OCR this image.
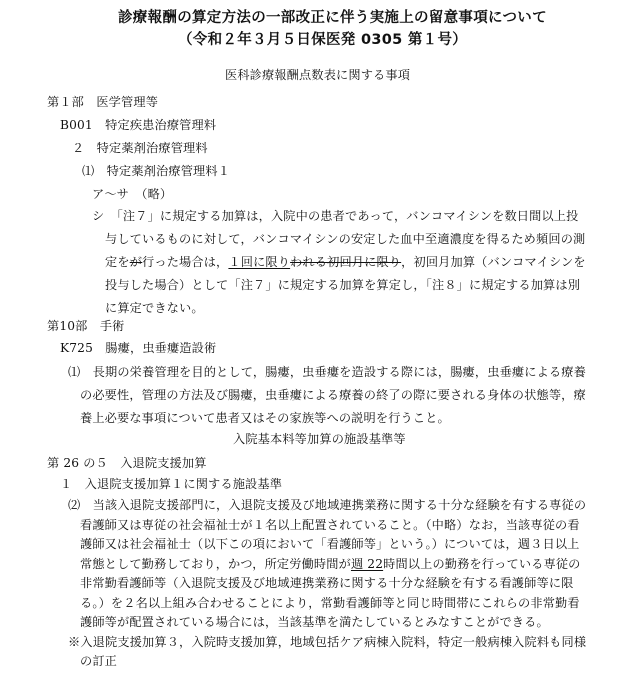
診療報酬の算定方法の一部改正に伴う実施上の留意事項について
（令和２年３月５日保医発 0305 第１号）
医科診療報酬点数表に関する事項
第１部　医学管理等
B001　特定疾患治療管理料
２　特定薬剤治療管理料
⑴　特定薬剤治療管理料１
ア～サ　（略）
シ　「注７」に規定する加算は，入院中の患者であって，バンコマイシンを数日間以上投
与しているものに対して，バンコマイシンの安定した血中至適濃度を得るため頻回の測
定をが行った場合は，１回に限りわれる初回月に限り，初回月加算（バンコマイシンを
投与した場合）として「注７」に規定する加算を算定し，「注８」に規定する加算は別
に算定できない。
第10部　手術
K725　腸瘻，虫垂瘻造設術
⑴　長期の栄養管理を目的として，腸瘻，虫垂瘻を造設する際には，腸瘻，虫垂瘻による療養
の必要性，管理の方法及び腸瘻，虫垂瘻による療養の終了の際に要される身体の状態等，療
養上必要な事項について患者又はその家族等への説明を行うこと。
入院基本料等加算の施設基準等
第 26 の５　入退院支援加算
１　入退院支援加算１に関する施設基準
⑵　当該入退院支援部門に，入退院支援及び地域連携業務に関する十分な経験を有する専従の
看護師又は専従の社会福祉士が１名以上配置されていること。（中略）なお，当該専従の看
護師又は社会福祉士（以下この項において「看護師等」という。）については，週３日以上
常態として勤務しており，かつ，所定労働時間が週 22時間以上の勤務を行っている専従の
非常勤看護師等（入退院支援及び地域連携業務に関する十分な経験を有する看護師等に限
る。）を２名以上組み合わせることにより，常勤看護師等と同じ時間帯にこれらの非常勤看
護師等が配置されている場合には，当該基準を満たしているとみなすことができる。
※入退院支援加算３，入院時支援加算，地域包括ケア病棟入院料，特定一般病棟入院料も同様
の訂正
